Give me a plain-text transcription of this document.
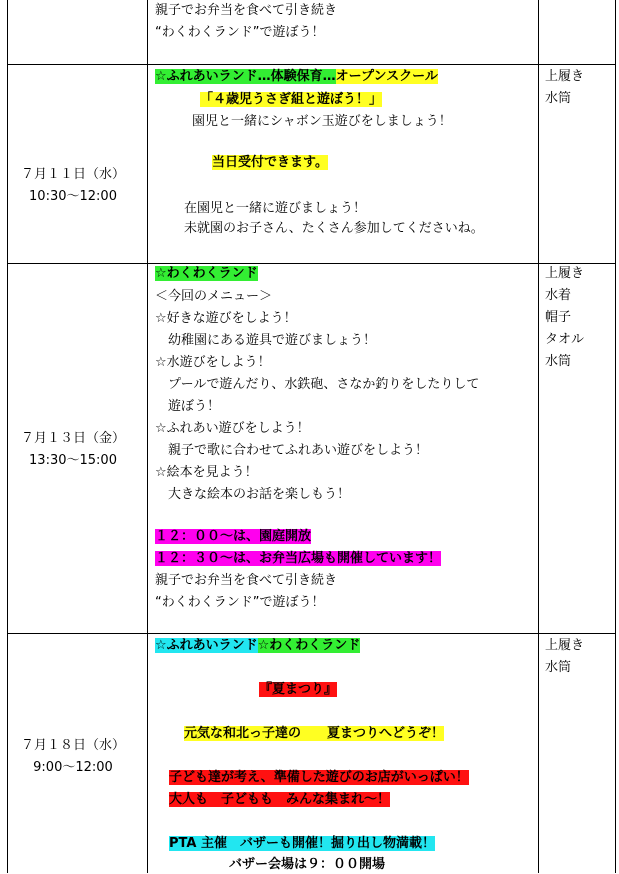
親子でお弁当を食べて引き続き
“わくわくランド”で遊ぼう！
７月１１日（水）
10:30～12:00
☆ふれあいランド…体験保育…オープンスクール
「４歳児うさぎ組と遊ぼう！」
園児と一緒にシャボン玉遊びをしましょう！
当日受付できます。
在園児と一緒に遊びましょう！
未就園のお子さん、たくさん参加してくださいね。
上履き
水筒
７月１３日（金）
13:30～15:00
☆わくわくランド
＜今回のメニュー＞
☆好きな遊びをしよう！
　幼稚園にある遊具で遊びましょう！
☆水遊びをしよう！
　プールで遊んだり、水鉄砲、さなか釣りをしたりして
　遊ぼう！
☆ふれあい遊びをしよう！
　親子で歌に合わせてふれあい遊びをしよう！
☆絵本を見よう！
　大きな絵本のお話を楽しもう！
１２：００～は、園庭開放
１２：３０～は、お弁当広場も開催しています！
親子でお弁当を食べて引き続き
“わくわくランド”で遊ぼう！
上履き
水着
帽子
タオル
水筒
７月１８日（水）
9:00～12:00
☆ふれあいランド☆わくわくランド
『夏まつり』
元気な和北っ子達の　　夏まつりへどうぞ！
子ども達が考え、準備した遊びのお店がいっぱい！
大人も　子どもも　みんな集まれ～！
PTA 主催　バザーも開催！掘り出し物満載！
バザー会場は９：００開場
上履き
水筒
